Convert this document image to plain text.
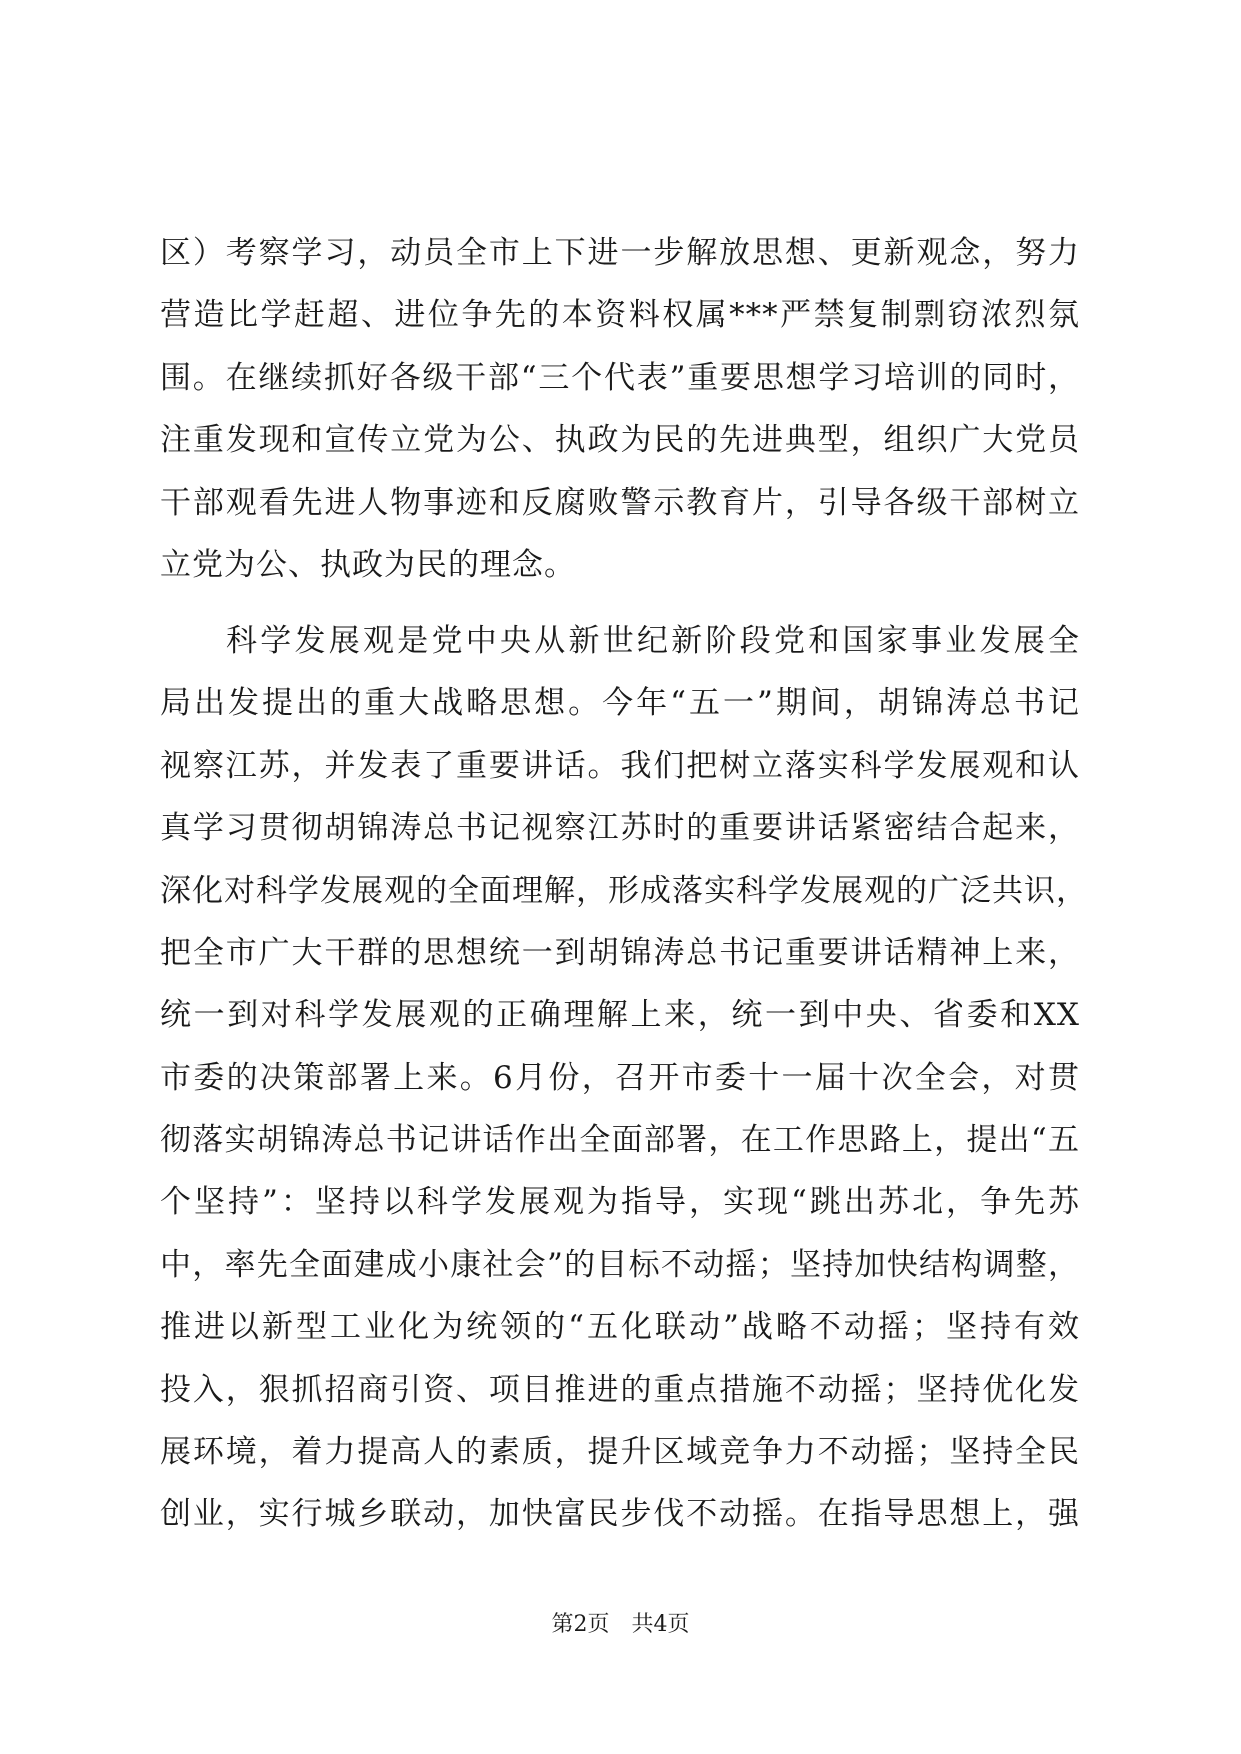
区）考察学习，动员全市上下进一步解放思想、更新观念，努力
营造比学赶超、进位争先的本资料权属***严禁复制剽窃浓烈氛
围。在继续抓好各级干部“三个代表”重要思想学习培训的同时，
注重发现和宣传立党为公、执政为民的先进典型，组织广大党员
干部观看先进人物事迹和反腐败警示教育片，引导各级干部树立
立党为公、执政为民的理念。
科学发展观是党中央从新世纪新阶段党和国家事业发展全
局出发提出的重大战略思想。今年“五一”期间，胡锦涛总书记
视察江苏，并发表了重要讲话。我们把树立落实科学发展观和认
真学习贯彻胡锦涛总书记视察江苏时的重要讲话紧密结合起来，
深化对科学发展观的全面理解，形成落实科学发展观的广泛共识，
把全市广大干群的思想统一到胡锦涛总书记重要讲话精神上来，
统一到对科学发展观的正确理解上来，统一到中央、省委和XX
市委的决策部署上来。6月份，召开市委十一届十次全会，对贯
彻落实胡锦涛总书记讲话作出全面部署，在工作思路上，提出“五
个坚持”：坚持以科学发展观为指导，实现“跳出苏北，争先苏
中，率先全面建成小康社会”的目标不动摇；坚持加快结构调整，
推进以新型工业化为统领的“五化联动”战略不动摇；坚持有效
投入，狠抓招商引资、项目推进的重点措施不动摇；坚持优化发
展环境，着力提高人的素质，提升区域竞争力不动摇；坚持全民
创业，实行城乡联动，加快富民步伐不动摇。在指导思想上，强
第2页 共4页
